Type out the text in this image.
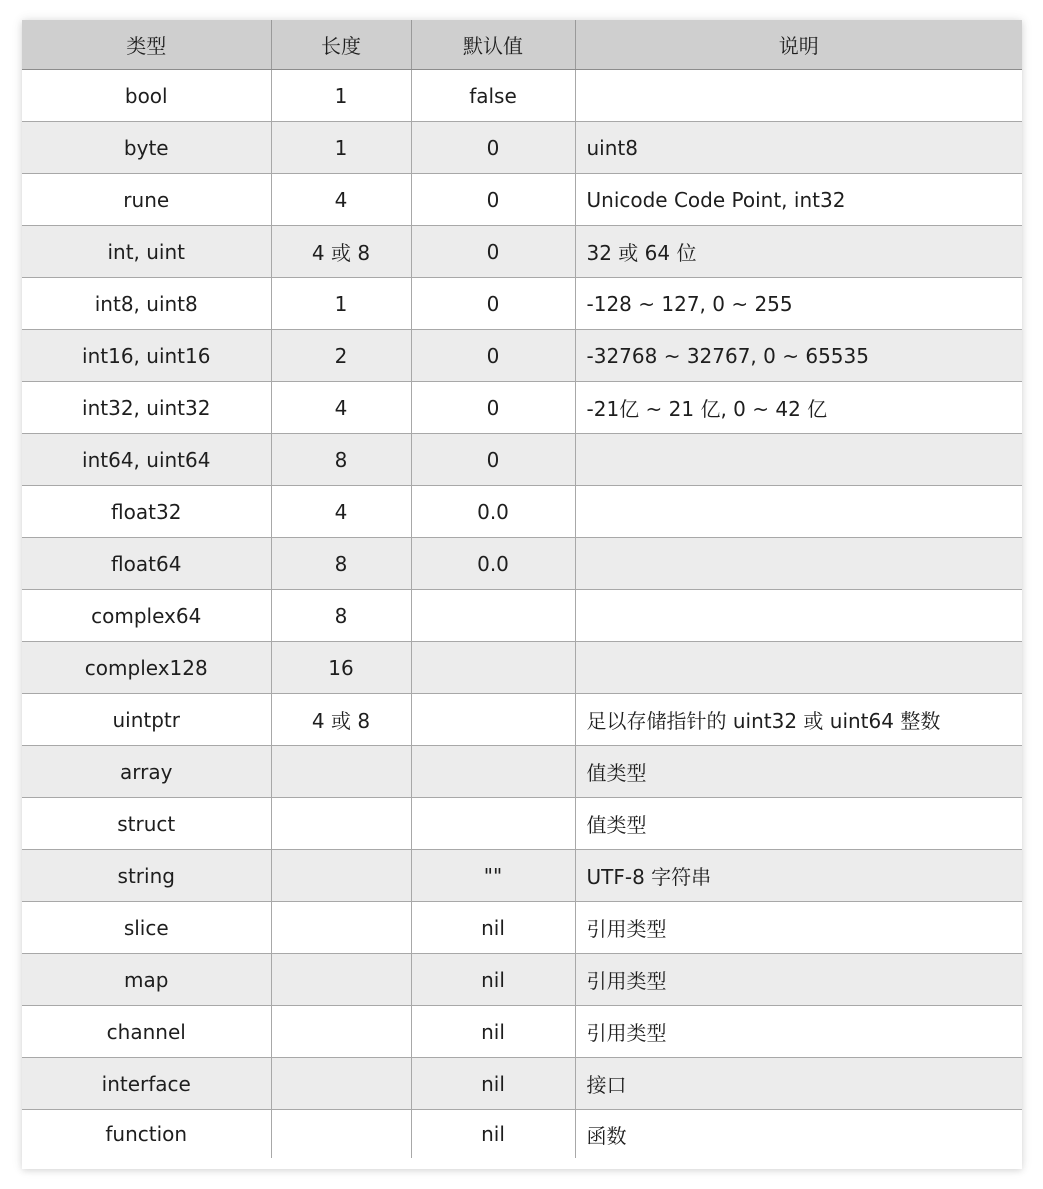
类型	长度	默认值	说明
bool	1	false	
byte	1	0	uint8
rune	4	0	Unicode Code Point, int32
int, uint	4 或 8	0	32 或 64 位
int8, uint8	1	0	-128 ~ 127, 0 ~ 255
int16, uint16	2	0	-32768 ~ 32767, 0 ~ 65535
int32, uint32	4	0	-21亿 ~ 21 亿, 0 ~ 42 亿
int64, uint64	8	0	
float32	4	0.0	
float64	8	0.0	
complex64	8		
complex128	16		
uintptr	4 或 8		足以存储指针的 uint32 或 uint64 整数
array			值类型
struct			值类型
string		""	UTF-8 字符串
slice		nil	引用类型
map		nil	引用类型
channel		nil	引用类型
interface		nil	接口
function		nil	函数
